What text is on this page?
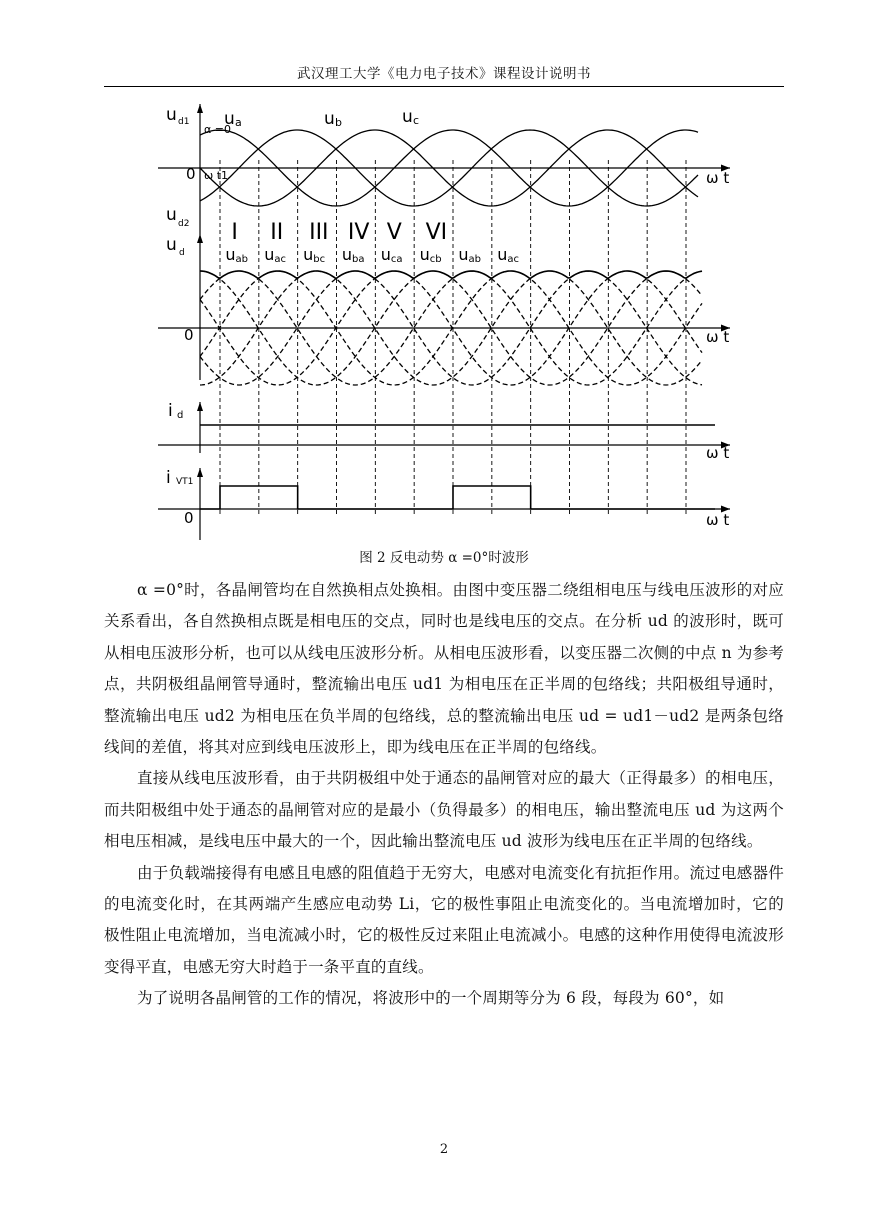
武汉理工大学《电力电子技术》课程设计说明书
u d1
α =0
u a	u b	u c
0 ω t1	ω t
u d2
u d
I II III IV V VI
uab uac ubc uba uca ucb uab uac
0	ω t
i d
ω t
i VT1
0	ω t
图 2 反电动势 α =0°时波形

α =0°时，各晶闸管均在自然换相点处换相。由图中变压器二绕组相电压与线电压波形的对应关系看出，各自然换相点既是相电压的交点，同时也是线电压的交点。在分析 ud 的波形时，既可从相电压波形分析，也可以从线电压波形分析。从相电压波形看，以变压器二次侧的中点 n 为参考点，共阴极组晶闸管导通时，整流输出电压 ud1 为相电压在正半周的包络线；共阳极组导通时，整流输出电压 ud2 为相电压在负半周的包络线，总的整流输出电压 ud = ud1－ud2 是两条包络线间的差值，将其对应到线电压波形上，即为线电压在正半周的包络线。

直接从线电压波形看，由于共阴极组中处于通态的晶闸管对应的最大（正得最多）的相电压，而共阳极组中处于通态的晶闸管对应的是最小（负得最多）的相电压，输出整流电压 ud 为这两个相电压相减，是线电压中最大的一个，因此输出整流电压 ud 波形为线电压在正半周的包络线。

由于负载端接得有电感且电感的阻值趋于无穷大，电感对电流变化有抗拒作用。流过电感器件的电流变化时，在其两端产生感应电动势 Li，它的极性事阻止电流变化的。当电流增加时，它的极性阻止电流增加，当电流减小时，它的极性反过来阻止电流减小。电感的这种作用使得电流波形变得平直，电感无穷大时趋于一条平直的直线。

为了说明各晶闸管的工作的情况，将波形中的一个周期等分为 6 段，每段为 60°，如

2
